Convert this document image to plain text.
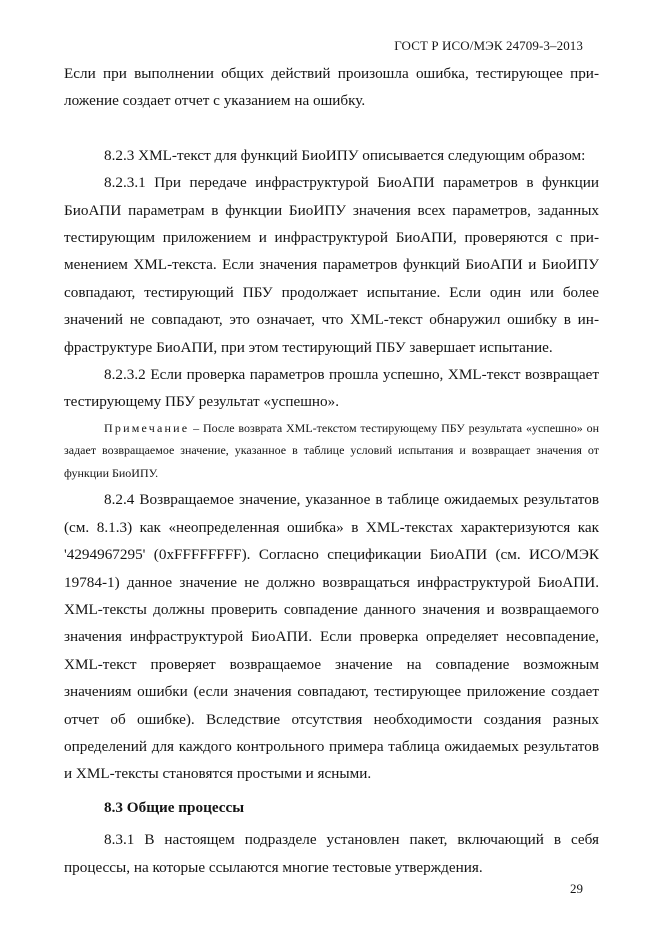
ГОСТ Р ИСО/МЭК 24709-3–2013

Если при выполнении общих действий произошла ошибка, тестирующее приложение создает отчет с указанием на ошибку.

8.2.3 XML-текст для функций БиоИПУ описывается следующим образом:

8.2.3.1 При передаче инфраструктурой БиоАПИ параметров в функции БиоАПИ параметрам в функции БиоИПУ значения всех параметров, заданных тестирующим приложением и инфраструктурой БиоАПИ, проверяются с применением XML-текста. Если значения параметров функций БиоАПИ и БиоИПУ совпадают, тестирующий ПБУ продолжает испытание. Если один или более значений не совпадают, это означает, что XML-текст обнаружил ошибку в инфраструктуре БиоАПИ, при этом тестирующий ПБУ завершает испытание.

8.2.3.2 Если проверка параметров прошла успешно, XML-текст возвращает тестирующему ПБУ результат «успешно».

Примечание – После возврата XML-текстом тестирующему ПБУ результата «успешно» он задает возвращаемое значение, указанное в таблице условий испытания и возвращает значения от функции БиоИПУ.

8.2.4 Возвращаемое значение, указанное в таблице ожидаемых результатов (см. 8.1.3) как «неопределенная ошибка» в XML-текстах характеризуются как '4294967295' (0xFFFFFFFF). Согласно спецификации БиоАПИ (см. ИСО/МЭК 19784-1) данное значение не должно возвращаться инфраструктурой БиоАПИ. XML-тексты должны проверить совпадение данного значения и возвращаемого значения инфраструктурой БиоАПИ. Если проверка определяет несовпадение, XML-текст проверяет возвращаемое значение на совпадение возможным значениям ошибки (если значения совпадают, тестирующее приложение создает отчет об ошибке). Вследствие отсутствия необходимости создания разных определений для каждого контрольного примера таблица ожидаемых результатов и XML-тексты становятся простыми и ясными.

8.3 Общие процессы

8.3.1 В настоящем подразделе установлен пакет, включающий в себя процессы, на которые ссылаются многие тестовые утверждения.

29
